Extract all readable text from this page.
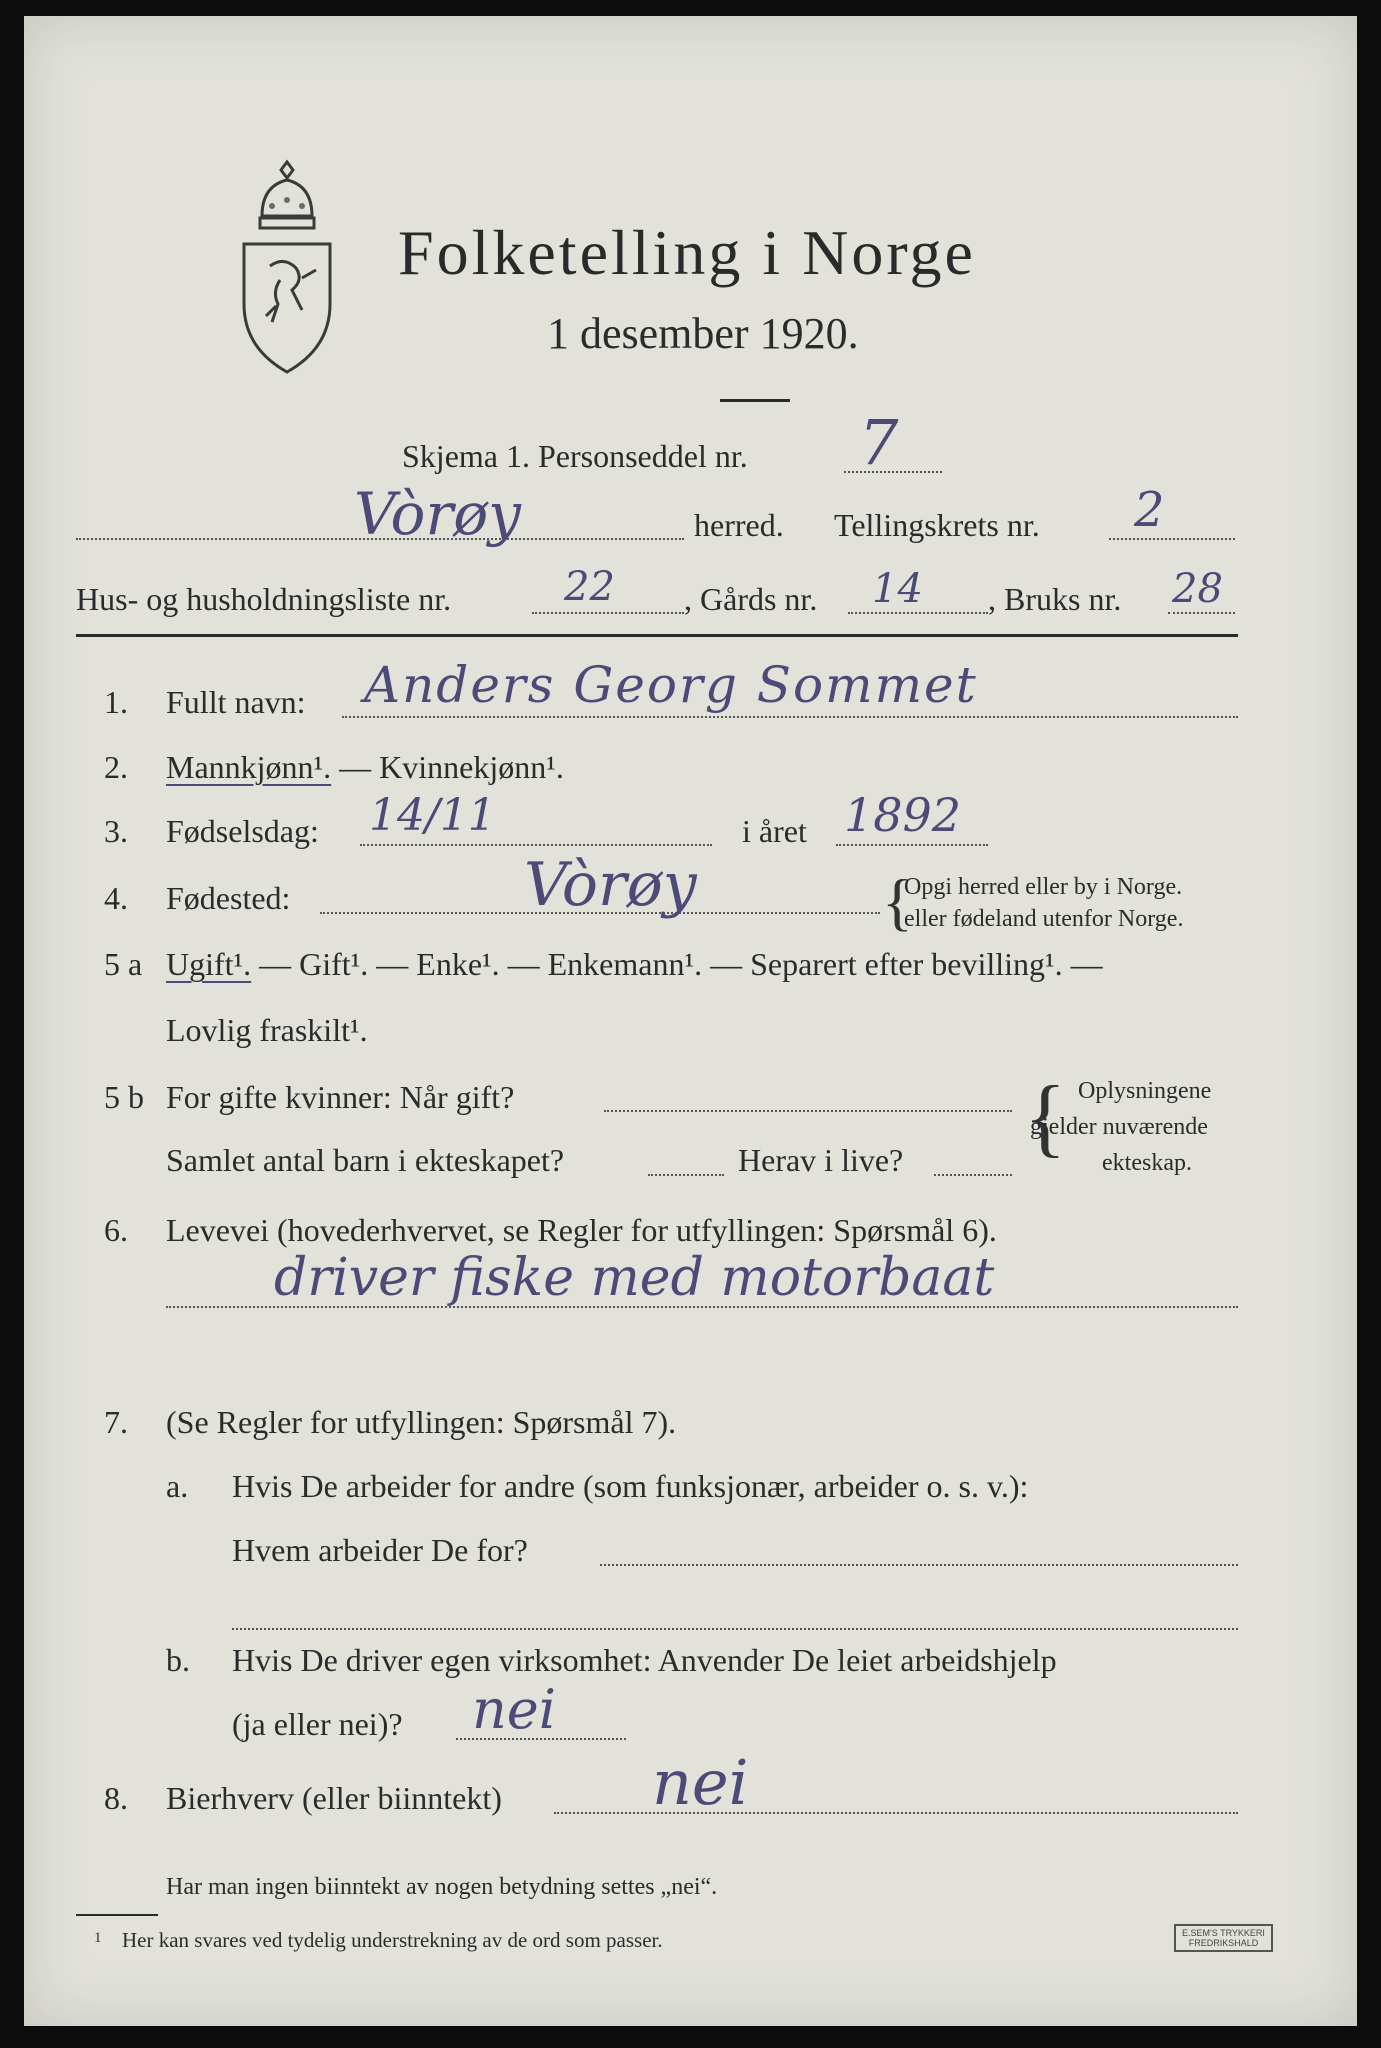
Folketelling i Norge
1 desember 1920.
Skjema 1. Personseddel nr. 7
Vòrøy	herred. Tellingskrets nr. 2
Hus- og husholdningsliste nr.	22 , Gårds nr. 14 , Bruks nr. 28
1. Fullt navn: Anders Georg Sommet
2. Mannkjønn¹. — Kvinnekjønn¹.
3. Fødselsdag: 14/11	i året 1892
4. Fødested:	Vòrøy	{
Opgi herred eller by i Norge.
eller fødeland utenfor Norge.
5 a Ugift¹. — Gift¹. — Enke¹. — Enkemann¹. — Separert efter bevilling¹. —
Lovlig fraskilt¹.
5 b For gifte kvinner: Når gift?
Samlet antal barn i ekteskapet?	Herav i live? { Oplysningene
gjelder nuværende
ekteskap.
6. Levevei (hovederhvervet, se Regler for utfyllingen: Spørsmål 6).
driver fiske med motorbaat
7. (Se Regler for utfyllingen: Spørsmål 7).
a. Hvis De arbeider for andre (som funksjonær, arbeider o. s. v.):
Hvem arbeider De for?
b. Hvis De driver egen virksomhet: Anvender De leiet arbeidshjelp
(ja eller nei)? nei
8. Bierhverv (eller biinntekt) nei
Har man ingen biinntekt av nogen betydning settes „nei“.
1 Her kan svares ved tydelig understrekning av de ord som passer.	E.SEM'S TRYKKERI
FREDRIKSHALD
